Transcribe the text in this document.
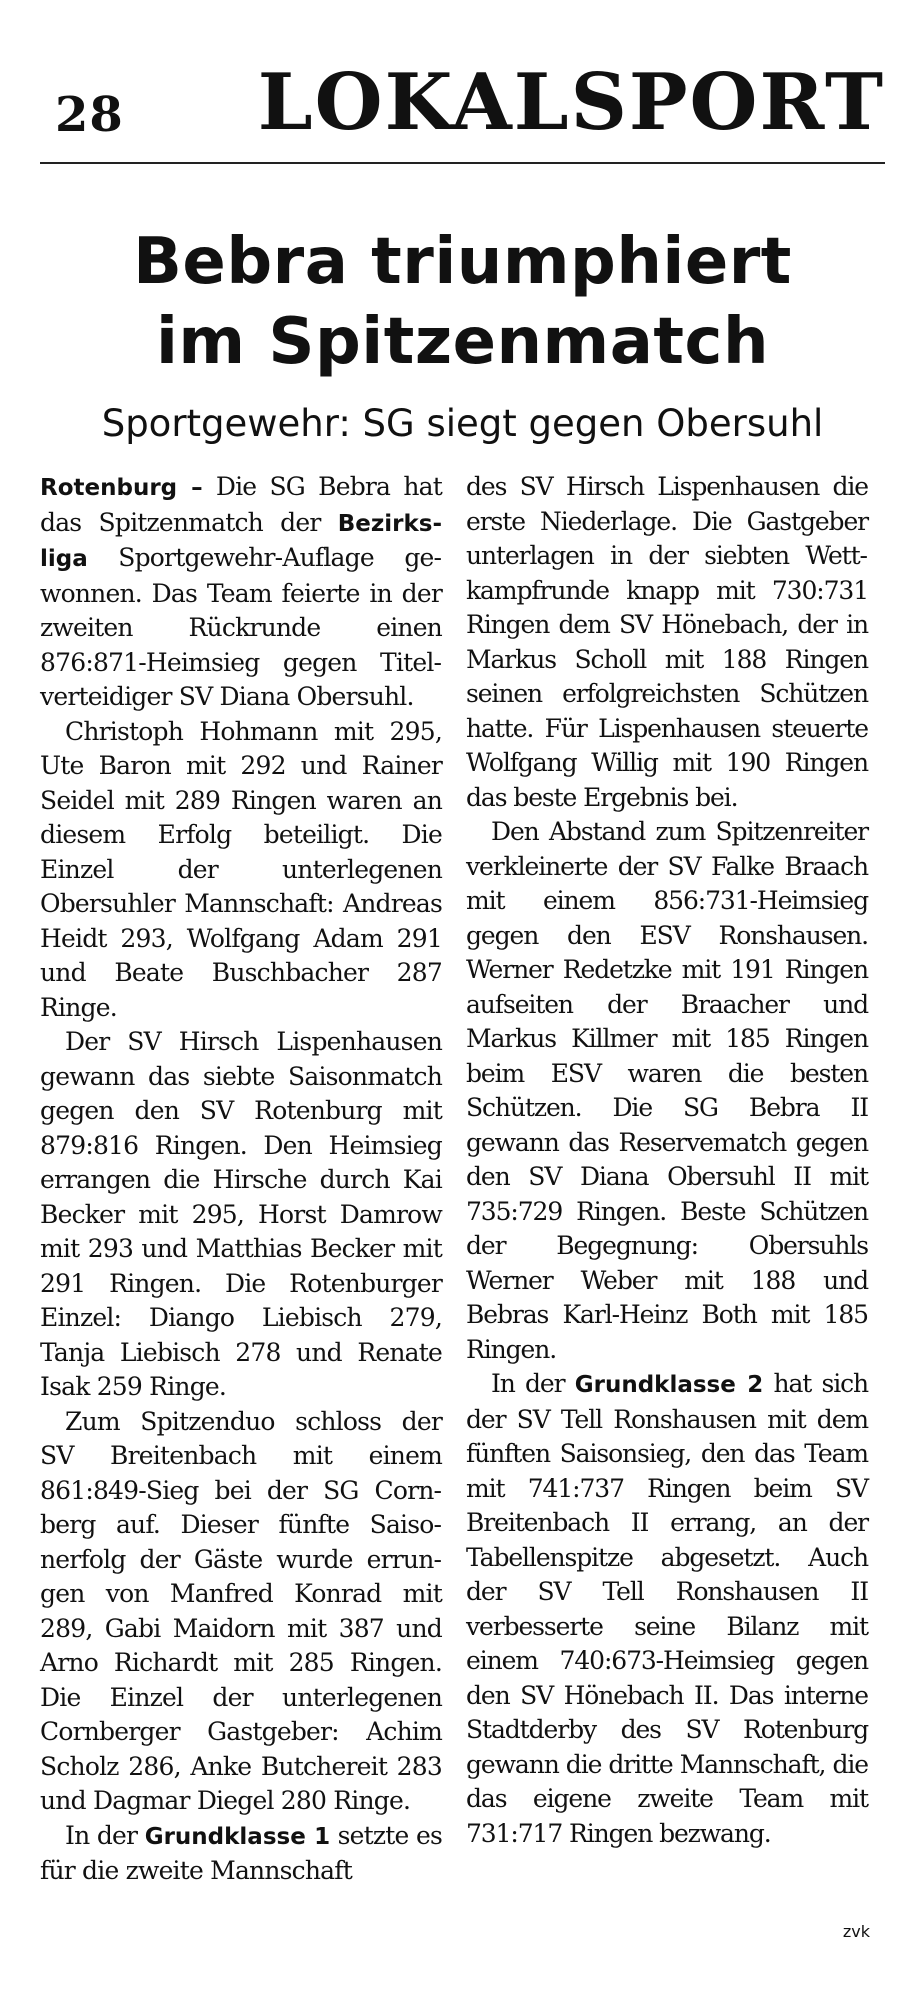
28 LOKALSPORT
Bebra triumphiert
im Spitzenmatch
Sportgewehr: SG siegt gegen Obersuhl

Rotenburg – Die SG Bebra hat das Spitzenmatch der Bezirksliga Sportgewehr-Auflage gewonnen. Das Team feierte in der zweiten Rückrunde einen 876:871-Heimsieg gegen Titelverteidiger SV Diana Obersuhl.

Christoph Hohmann mit 295, Ute Baron mit 292 und Rainer Seidel mit 289 Ringen waren an diesem Erfolg beteiligt. Die Einzel der unterlegenen Obersuhler Mannschaft: Andreas Heidt 293, Wolfgang Adam 291 und Beate Buschbacher 287 Ringe.

Der SV Hirsch Lispenhausen gewann das siebte Saisonmatch gegen den SV Rotenburg mit 879:816 Ringen. Den Heimsieg errangen die Hirsche durch Kai Becker mit 295, Horst Damrow mit 293 und Matthias Becker mit 291 Ringen. Die Rotenburger Einzel: Diango Liebisch 279, Tanja Liebisch 278 und Renate Isak 259 Ringe.

Zum Spitzenduo schloss der SV Breitenbach mit einem 861:849-Sieg bei der SG Cornberg auf. Dieser fünfte Saisonerfolg der Gäste wurde errungen von Manfred Konrad mit 289, Gabi Maidorn mit 387 und Arno Richardt mit 285 Ringen. Die Einzel der unterlegenen Cornberger Gastgeber: Achim Scholz 286, Anke Butchereit 283 und Dagmar Diegel 280 Ringe.

In der Grundklasse 1 setzte es für die zweite Mannschaft

des SV Hirsch Lispenhausen die erste Niederlage. Die Gastgeber unterlagen in der siebten Wettkampfrunde knapp mit 730:731 Ringen dem SV Hönebach, der in Markus Scholl mit 188 Ringen seinen erfolgreichsten Schützen hatte. Für Lispenhausen steuerte Wolfgang Willig mit 190 Ringen das beste Ergebnis bei.

Den Abstand zum Spitzenreiter verkleinerte der SV Falke Braach mit einem 856:731-Heimsieg gegen den ESV Ronshausen. Werner Redetzke mit 191 Ringen aufseiten der Braacher und Markus Killmer mit 185 Ringen beim ESV waren die besten Schützen. Die SG Bebra II gewann das Reservematch gegen den SV Diana Obersuhl II mit 735:729 Ringen. Beste Schützen der Begegnung: Obersuhls Werner Weber mit 188 und Bebras Karl-Heinz Both mit 185 Ringen.

In der Grundklasse 2 hat sich der SV Tell Ronshausen mit dem fünften Saisonsieg, den das Team mit 741:737 Ringen beim SV Breitenbach II errang, an der Tabellenspitze abgesetzt. Auch der SV Tell Ronshausen II verbesserte seine Bilanz mit einem 740:673-Heimsieg gegen den SV Hönebach II. Das interne Stadtderby des SV Rotenburg gewann die dritte Mannschaft, die das eigene zweite Team mit 731:717 Ringen bezwang.

zvk
